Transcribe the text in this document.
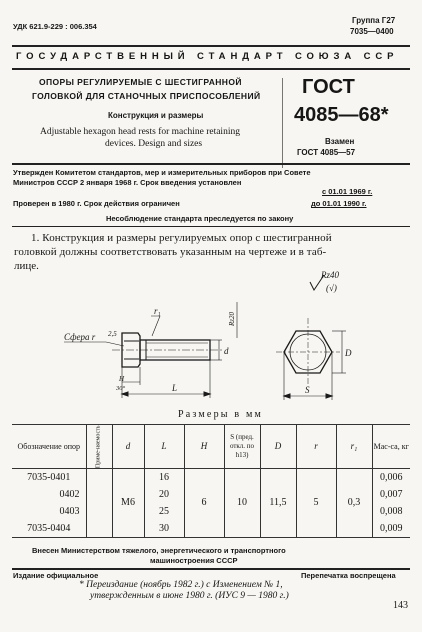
УДК 621.9-229 : 006.354
Группа Г27
7035—0400
ГОСУДАРСТВЕННЫЙ СТАНДАРТ СОЮЗА ССР
ОПОРЫ РЕГУЛИРУЕМЫЕ С ШЕСТИГРАННОЙ
ГОЛОВКОЙ ДЛЯ СТАНОЧНЫХ ПРИСПОСОБЛЕНИЙ
Конструкция и размеры
Adjustable hexagon head rests for machine retaining
devices. Design and sizes
ГОСТ
4085—68*
Взамен
ГОСТ 4085—57
Утвержден Комитетом стандартов, мер и измерительных приборов при Совете
Министров СССР 2 января 1968 г. Срок введения установлен
с 01.01 1969 г.
Проверен в 1980 г. Срок действия ограничен	до 01.01 1990 г.
Несоблюдение стандарта преследуется по закону
1. Конструкция и размеры регулируемых опор с шестигранной
головкой должны соответствовать указанным на чертеже и в таб-
лице.
Rz40
(√)
Сфера r 2,5
r₁
Rz20
d
H
L
30°
D
S
Размеры в мм
Обозначение опор	Приме-няемость	d	L	H	S (пред. откл. по h13)	D	r	r₁	Мас-са, кг
7035-0401		M6	16	6	10	11,5	5	0,3	0,006
0402			20						0,007
0403			25						0,008
7035-0404			30						0,009
Внесен Министерством тяжелого, энергетического и транспортного
машиностроения СССР
Издание официальное	Перепечатка воспрещена
* Переиздание (ноябрь 1982 г.) с Изменением № 1,
утвержденным в июне 1980 г. (ИУС 9 — 1980 г.)
143
